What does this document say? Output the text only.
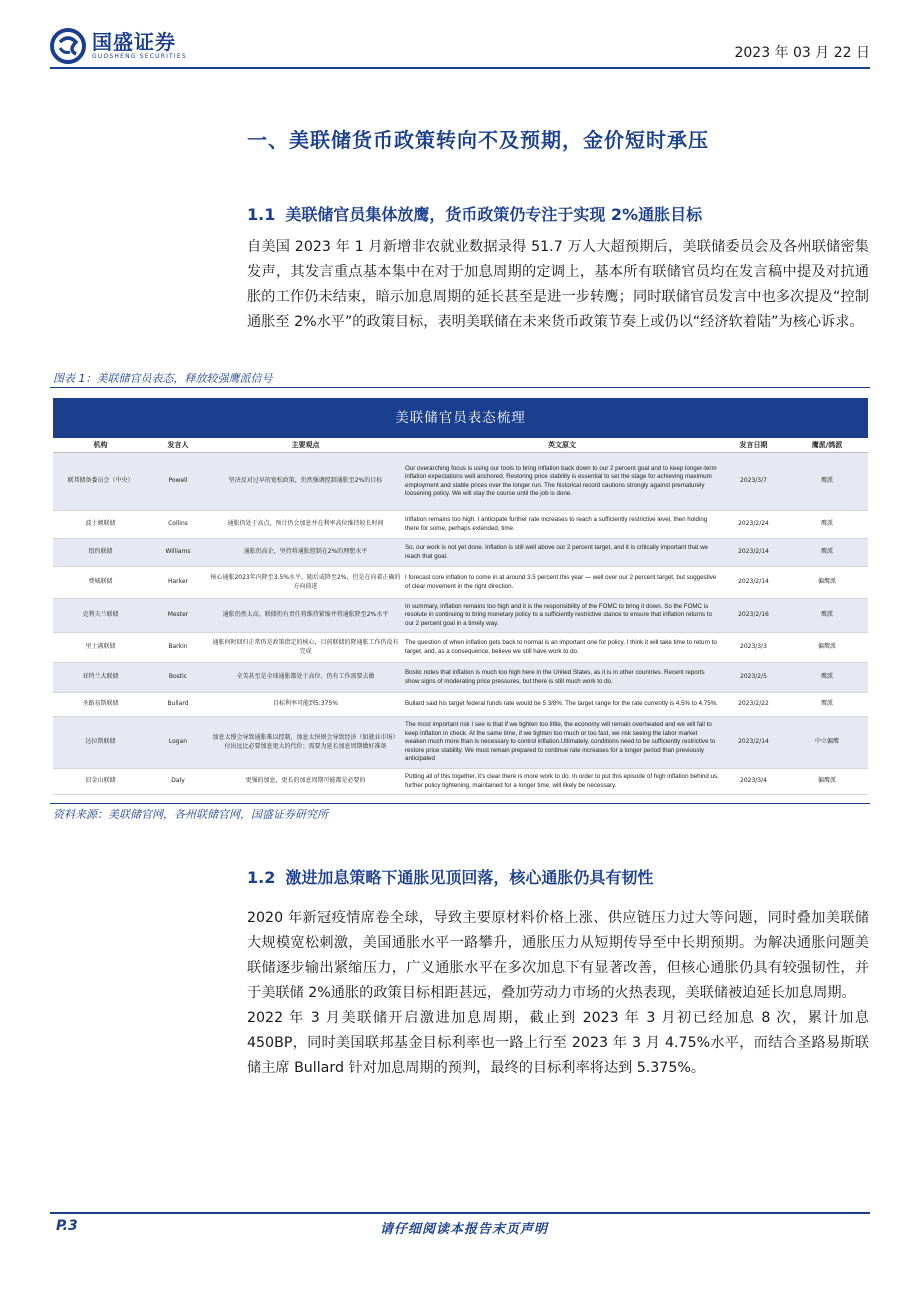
国盛证券
GUOSHENG SECURITIES	2023 年 03 月 22 日
一、美联储货币政策转向不及预期，金价短时承压
1.1 美联储官员集体放鹰，货币政策仍专注于实现 2%通胀目标

自美国 2023 年 1 月新增非农就业数据录得 51.7 万人大超预期后，美联储委员会及各州联储密集发声，其发言重点基本集中在对于加息周期的定调上，基本所有联储官员均在发言稿中提及对抗通胀的工作仍未结束，暗示加息周期的延长甚至是进一步转鹰；同时联储官员发言中也多次提及“控制通胀至 2%水平”的政策目标，表明美联储在未来货币政策节奏上或仍以“经济软着陆”为核心诉求。

图表 1：美联储官员表态，释放较强鹰派信号
美联储官员表态梳理
机构	发言人	主要观点	英文原文	发言日期	鹰派/鸽派
联邦储备委员会（中央）	Powell	坚决反对过早的宽松政策，仍然强调控制通胀至2%的目标	Our overarching focus is using our tools to bring inflation back down to our 2 percent goal and to keep longer-term inflation expectations well anchored. Restoring price stability is essential to set the stage for achieving maximum employment and stable prices over the longer run. The historical record cautions strongly against prematurely loosening policy. We will stay the course until the job is done.	2023/3/7	鹰派
波士顿联储	Collins	通胀仍处于高点，预计仍会加息并在利率高位维持较长时间	Inflation remains too high. I anticipate further rate increases to reach a sufficiently restrictive level, then holding there for some, perhaps extended, time.	2023/2/24	鹰派
纽约联储	Williams	通胀仍高企，坚持将通胀控制在2%的理想水平	So, our work is not yet done. Inflation is still well above our 2 percent target, and it is critically important that we reach that goal.	2023/2/14	鹰派
费城联储	Harker	核心通胀2023年内降至3.5%水平，随后或降至2%，但是在向着正确的方向前进	I forecast core inflation to come in at around 3.5 percent this year — well over our 2 percent target, but suggestive of clear movement in the right direction.	2023/2/14	偏鹰派
克利夫兰联储	Mester	通胀仍然太高，联储仍有责任将维持紧缩并将通胀降至2%水平	In summary, inflation remains too high and it is the responsibility of the FOMC to bring it down. So the FOMC is resolute in continuing to bring monetary policy to a sufficiently restrictive stance to ensure that inflation returns to our 2 percent goal in a timely way.	2023/2/16	鹰派
里士满联储	Barkin	通胀何时回归正常仍是政策指定的核心，目前联储的降通胀工作仍没有完成	The question of when inflation gets back to normal is an important one for policy. I think it will take time to return to target, and, as a consequence, believe we still have work to do.	2023/3/3	偏鹰派
亚特兰大联储	Bostic	全美甚至是全球通胀都处于高位，仍有工作需要去做	Bostic notes that inflation is much too high here in the United States, as it is in other countries. Recent reports show signs of moderating price pressures, but there is still much work to do.	2023/2/5	鹰派
圣路易斯联储	Bullard	目标利率可能到5.375%	Bullard said his target federal funds rate would be 5 3/8%. The target range for the rate currently is 4.5% to 4.75%.	2023/2/22	鹰派
达拉斯联储	Logan	加息太慢会导致通胀难以控制，加息太快则会导致经济（如就业市场）付出远比必要加息更大的代价；需要为延长加息周期做好准备	The most important risk I see is that if we tighten too little, the economy will remain overheated and we will fail to keep inflation in check. At the same time, if we tighten too much or too fast, we risk seeing the labor market weaken much more than is necessary to control inflation.Ultimately, conditions need to be sufficiently restrictive to restore price stability. We must remain prepared to continue rate increases for a longer period than previously anticipated	2023/2/14	中立偏鹰
旧金山联储	Daly	更强的加息，更长的加息周期可能都是必要的	Putting all of this together, it's clear there is more work to do. In order to put this episode of high inflation behind us, further policy tightening, maintained for a longer time, will likely be necessary.	2023/3/4	偏鹰派
资料来源：美联储官网，各州联储官网，国盛证券研究所
1.2 激进加息策略下通胀见顶回落，核心通胀仍具有韧性

2020 年新冠疫情席卷全球，导致主要原材料价格上涨、供应链压力过大等问题，同时叠加美联储大规模宽松刺激，美国通胀水平一路攀升，通胀压力从短期传导至中长期预期。为解决通胀问题美联储逐步输出紧缩压力，广义通胀水平在多次加息下有显著改善，但核心通胀仍具有较强韧性，并于美联储 2%通胀的政策目标相距甚远，叠加劳动力市场的火热表现，美联储被迫延长加息周期。

2022 年 3 月美联储开启激进加息周期，截止到 2023 年 3 月初已经加息 8 次，累计加息 450BP，同时美国联邦基金目标利率也一路上行至 2023 年 3 月 4.75%水平，而结合圣路易斯联储主席 Bullard 针对加息周期的预判，最终的目标利率将达到 5.375%。

P.3	请仔细阅读本报告末页声明
